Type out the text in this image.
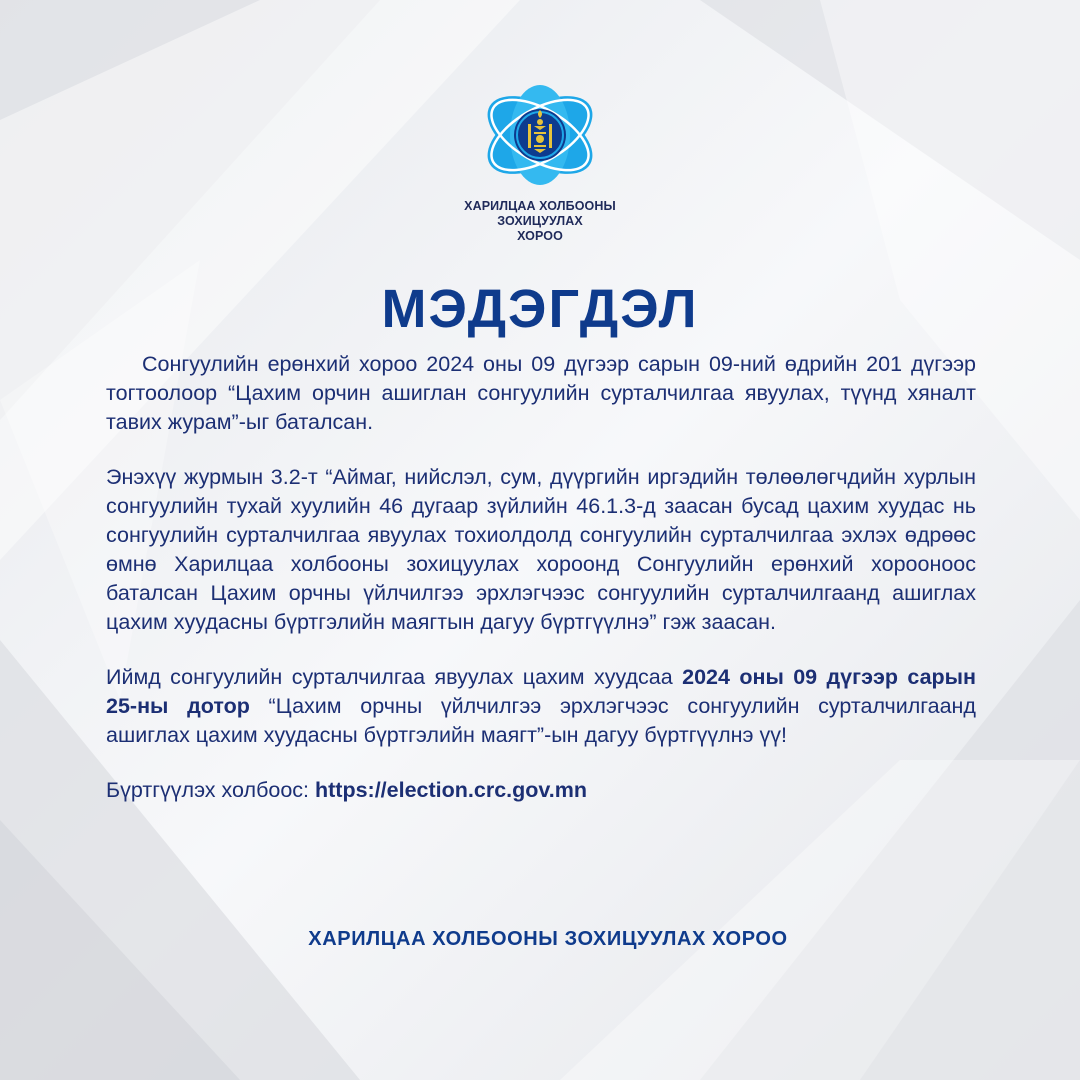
ХАРИЛЦАА ХОЛБООНЫ
ЗОХИЦУУЛАХ
ХОРОО
МЭДЭГДЭЛ

Сонгуулийн ерөнхий хороо 2024 оны 09 дүгээр сарын 09-ний өдрийн 201 дүгээр тогтоолоор “Цахим орчин ашиглан сонгуулийн сурталчилгаа явуулах, түүнд хяналт тавих журам”-ыг баталсан.

Энэхүү журмын 3.2-т “Аймаг, нийслэл, сум, дүүргийн иргэдийн төлөөлөгчдийн хурлын сонгуулийн тухай хуулийн 46 дугаар зүйлийн 46.1.3-д заасан бусад цахим хуудас нь сонгуулийн сурталчилгаа явуулах тохиолдолд сонгуулийн сурталчилгаа эхлэх өдрөөс өмнө Харилцаа холбооны зохицуулах хороонд Сонгуулийн ерөнхий хорооноос баталсан Цахим орчны үйлчилгээ эрхлэгчээс сонгуулийн сурталчилгаанд ашиглах цахим хуудасны бүртгэлийн маягтын дагуу бүртгүүлнэ” гэж заасан.

Иймд сонгуулийн сурталчилгаа явуулах цахим хуудсаа 2024 оны 09 дүгээр сарын 25-ны дотор “Цахим орчны үйлчилгээ эрхлэгчээс сонгуулийн сурталчилгаанд ашиглах цахим хуудасны бүртгэлийн маягт”-ын дагуу бүртгүүлнэ үү!

Бүртгүүлэх холбоос: https://election.crc.gov.mn

ХАРИЛЦАА ХОЛБООНЫ ЗОХИЦУУЛАХ ХОРОО
